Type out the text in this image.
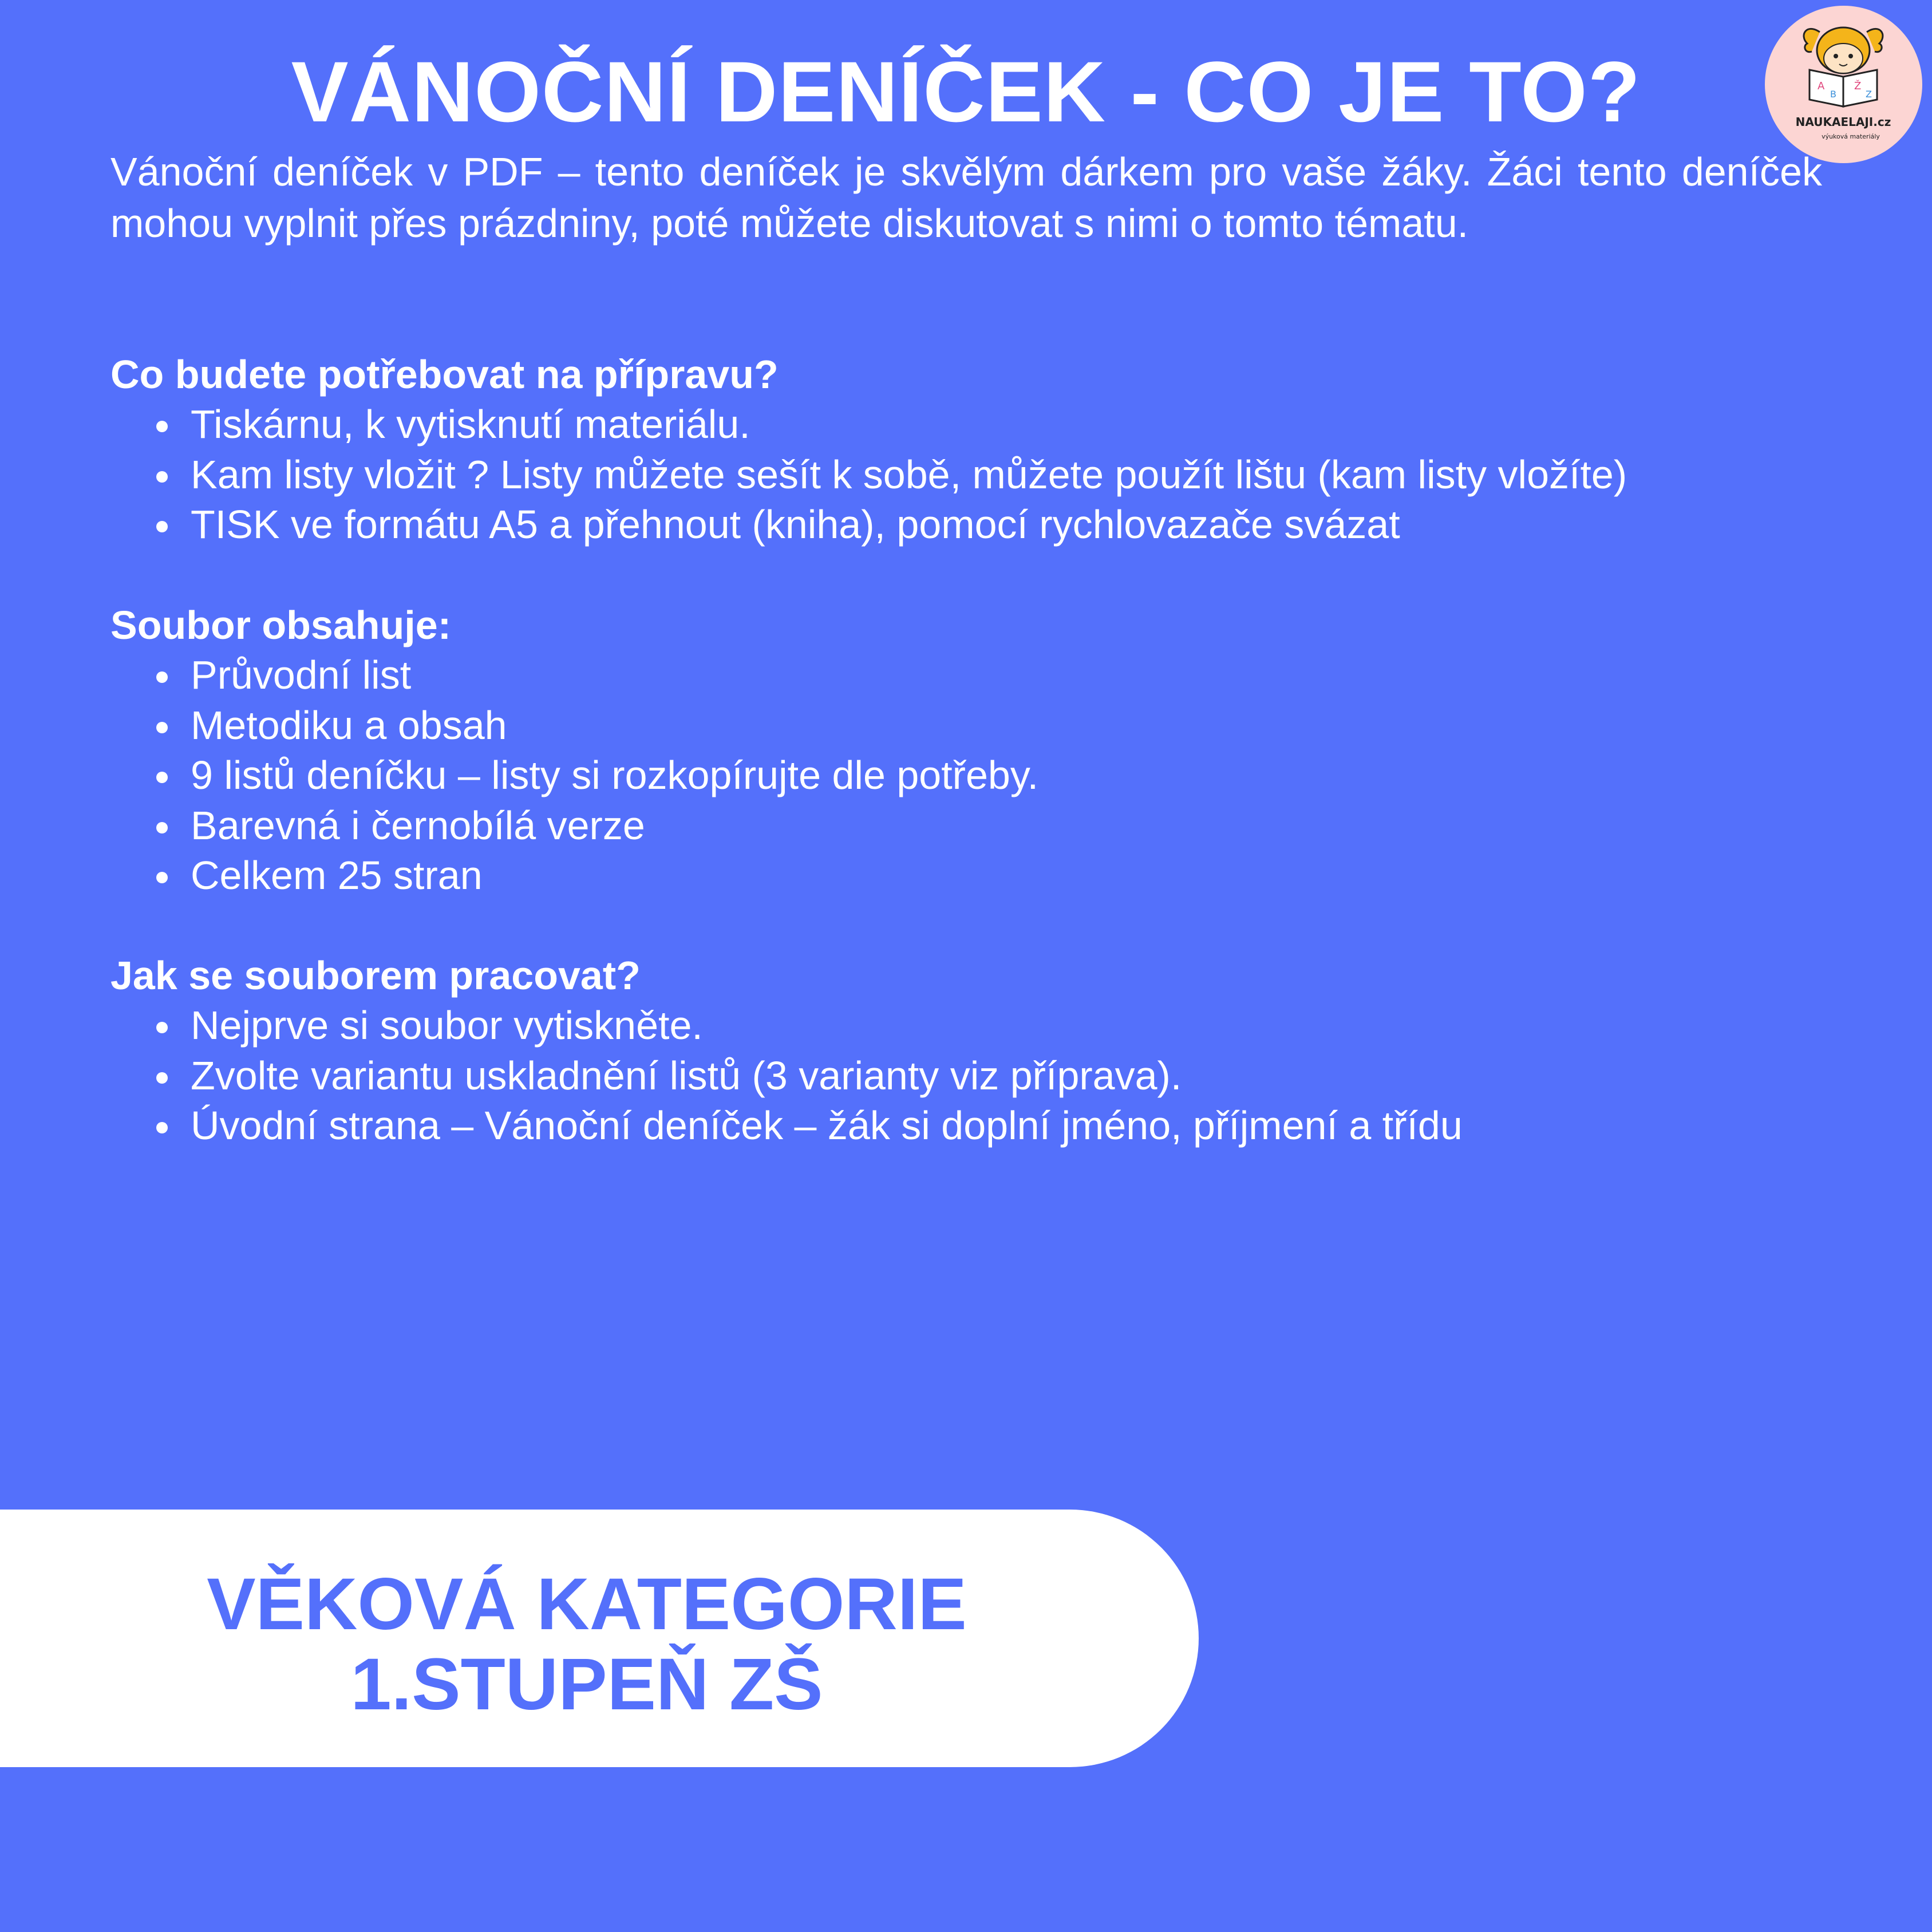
VÁNOČNÍ DENÍČEK - CO JE TO?	A
B
Ž
Z
NAUKAELAJI.cz
výuková materiály

Vánoční deníček v PDF – tento deníček je skvělým dárkem pro vaše žáky. Žáci tento deníček mohou vyplnit přes prázdniny, poté můžete diskutovat s nimi o tomto tématu.

Co budete potřebovat na přípravu?
Tiskárnu, k vytisknutí materiálu.
Kam listy vložit ? Listy můžete sešít k sobě, můžete použít lištu (kam listy vložíte)
TISK ve formátu A5 a přehnout (kniha), pomocí rychlovazače svázat
Soubor obsahuje:
Průvodní list
Metodiku a obsah
9 listů deníčku – listy si rozkopírujte dle potřeby.
Barevná i černobílá verze
Celkem 25 stran
Jak se souborem pracovat?
Nejprve si soubor vytiskněte.
Zvolte variantu uskladnění listů (3 varianty viz příprava).
Úvodní strana – Vánoční deníček – žák si doplní jméno, příjmení a třídu
VĚKOVÁ KATEGORIE
1.STUPEŇ ZŠ
